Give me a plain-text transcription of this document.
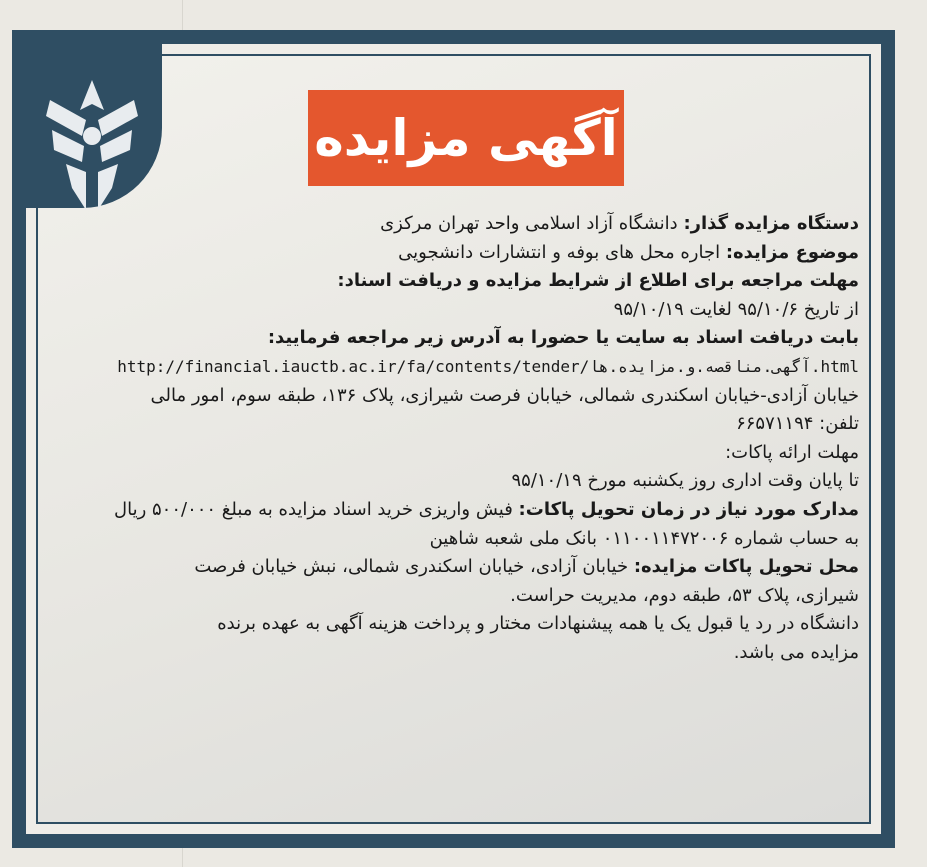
آگهی مزایده
دستگاه مزایده گذار: دانشگاه آزاد اسلامی واحد تهران مرکزی
موضوع مزایده: اجاره محل های بوفه و انتشارات دانشجویی
مهلت مراجعه برای اطلاع از شرایط مزایده و دریافت اسناد:
از تاریخ ۹۵/۱۰/۶ لغایت ۹۵/۱۰/۱۹
بابت دریافت اسناد به سایت یا حضورا به آدرس زیر مراجعه فرمایید:
http://financial.iauctb.ac.ir/fa/contents/tender/آگهی.مناقصه.و.مزایده.ها.html
خیابان آزادی-خیابان اسکندری شمالی، خیابان فرصت شیرازی، پلاک ۱۳۶، طبقه سوم، امور مالی
تلفن: ۶۶۵۷۱۱۹۴
مهلت ارائه پاکات:
تا پایان وقت اداری روز یکشنبه مورخ ۹۵/۱۰/۱۹
مدارک مورد نیاز در زمان تحویل پاکات: فیش واریزی خرید اسناد مزایده به مبلغ ۵۰۰/۰۰۰ ریال
به حساب شماره ۰۱۱۰۰۱۱۴۷۲۰۰۶ بانک ملی شعبه شاهین
محل تحویل پاکات مزایده: خیابان آزادی، خیابان اسکندری شمالی، نبش خیابان فرصت
شیرازی، پلاک ۵۳، طبقه دوم، مدیریت حراست.
دانشگاه در رد یا قبول یک یا همه پیشنهادات مختار و پرداخت هزینه آگهی به عهده برنده
مزایده می باشد.
